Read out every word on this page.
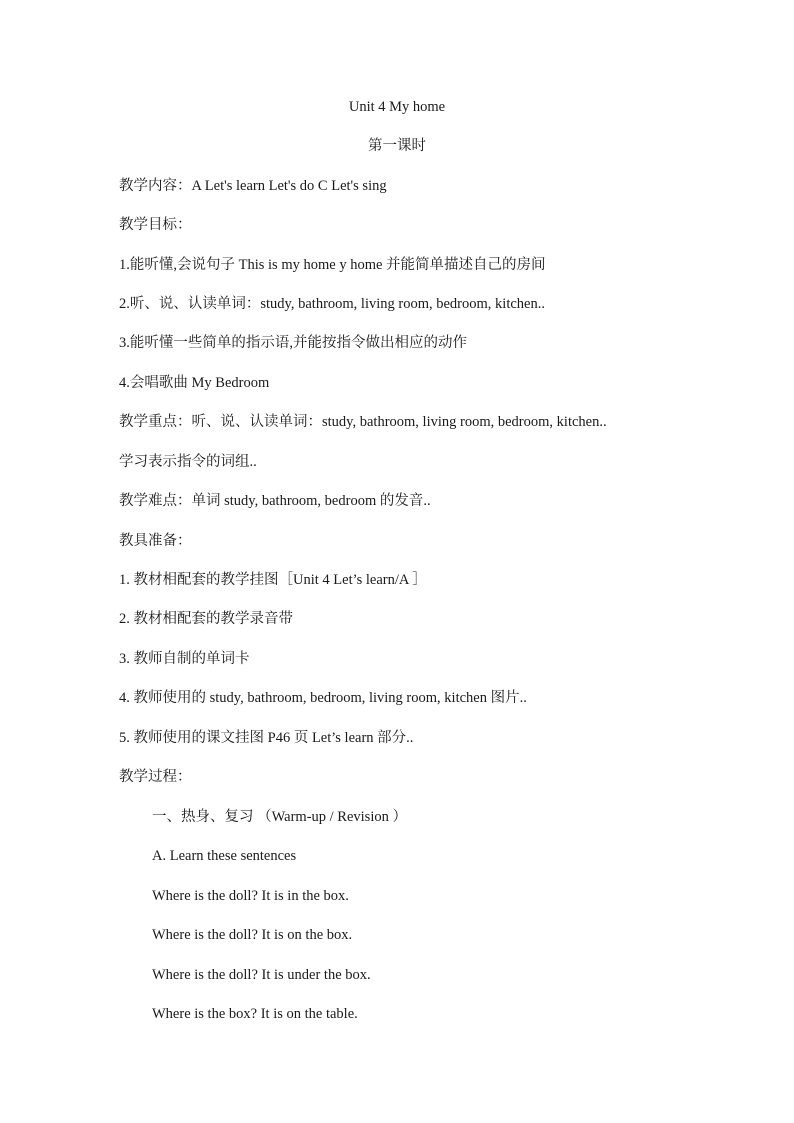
Unit 4 My home
第一课时
教学内容：A Let's learn Let's do C Let's sing
教学目标：
1.能听懂,会说句子 This is my home y home 并能简单描述自己的房间
2.听、说、认读单词：study, bathroom, living room, bedroom, kitchen..
3.能听懂一些简单的指示语,并能按指令做出相应的动作
4.会唱歌曲 My Bedroom
教学重点：听、说、认读单词：study, bathroom, living room, bedroom, kitchen..
学习表示指令的词组..
教学难点：单词 study, bathroom, bedroom 的发音..
教具准备：
1. 教材相配套的教学挂图［Unit 4 Let’s learn/A ］
2. 教材相配套的教学录音带
3. 教师自制的单词卡
4. 教师使用的 study, bathroom, bedroom, living room, kitchen 图片..
5. 教师使用的课文挂图 P46 页 Let’s learn 部分..
教学过程：
一、热身、复习 （Warm-up / Revision ）
A. Learn these sentences
Where is the doll? It is in the box.
Where is the doll? It is on the box.
Where is the doll? It is under the box.
Where is the box? It is on the table.
